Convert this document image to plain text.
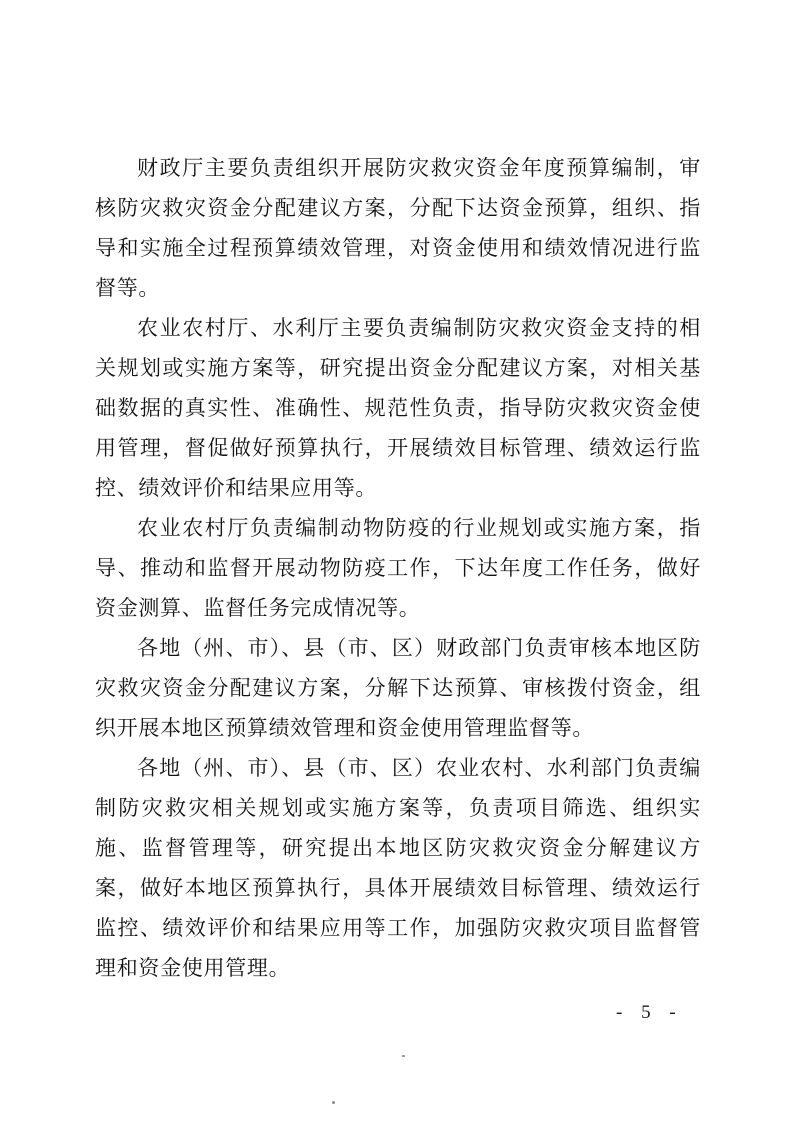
财政厅主要负责组织开展防灾救灾资金年度预算编制，审核防灾救灾资金分配建议方案，分配下达资金预算，组织、指导和实施全过程预算绩效管理，对资金使用和绩效情况进行监督等。

农业农村厅、水利厅主要负责编制防灾救灾资金支持的相关规划或实施方案等，研究提出资金分配建议方案，对相关基础数据的真实性、准确性、规范性负责，指导防灾救灾资金使用管理，督促做好预算执行，开展绩效目标管理、绩效运行监控、绩效评价和结果应用等。

农业农村厅负责编制动物防疫的行业规划或实施方案，指导、推动和监督开展动物防疫工作，下达年度工作任务，做好资金测算、监督任务完成情况等。

各地（州、市）、县（市、区）财政部门负责审核本地区防灾救灾资金分配建议方案，分解下达预算、审核拨付资金，组织开展本地区预算绩效管理和资金使用管理监督等。

各地（州、市）、县（市、区）农业农村、水利部门负责编制防灾救灾相关规划或实施方案等，负责项目筛选、组织实施、监督管理等，研究提出本地区防灾救灾资金分解建议方案，做好本地区预算执行，具体开展绩效目标管理、绩效运行监控、绩效评价和结果应用等工作，加强防灾救灾项目监督管理和资金使用管理。

- 5 -
